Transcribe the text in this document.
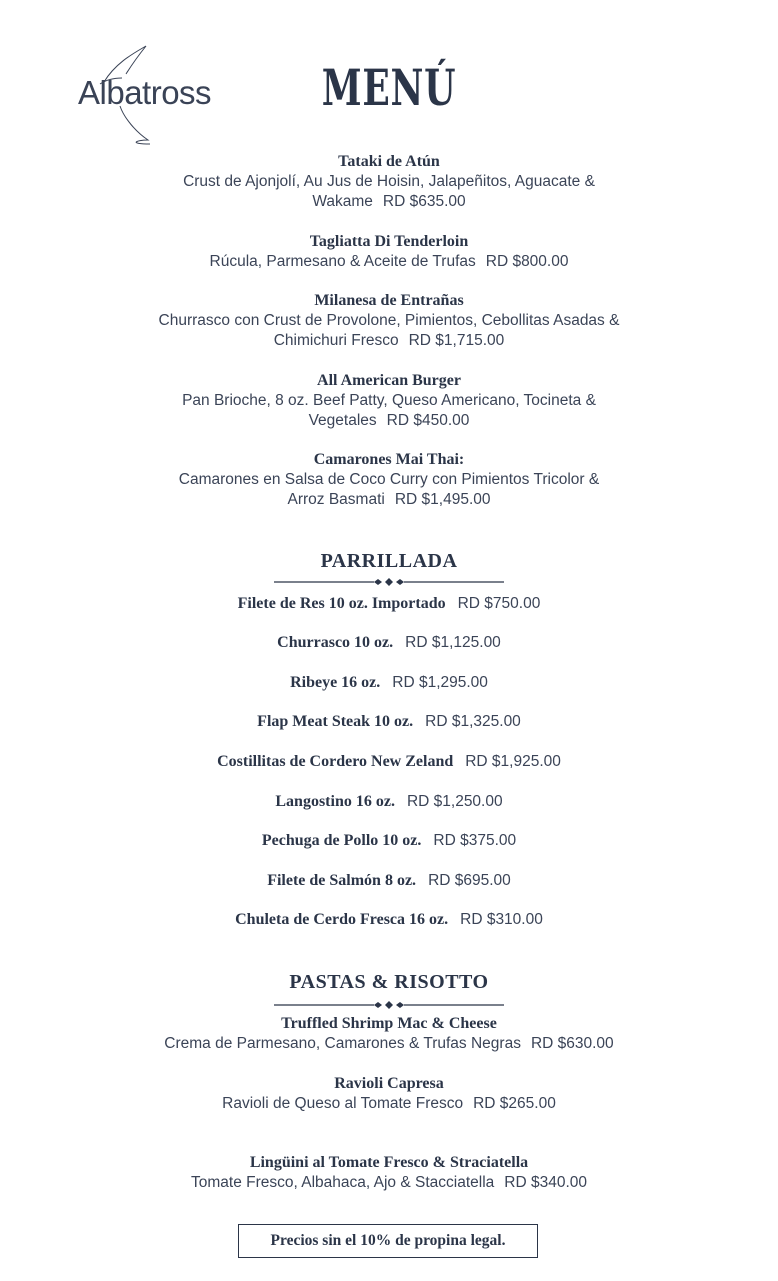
Albatross	MENÚ
Tataki de Atún
Crust de Ajonjolí, Au Jus de Hoisin, Jalapeñitos, Aguacate &
Wakame RD $635.00
Tagliatta Di Tenderloin
Rúcula, Parmesano & Aceite de Trufas RD $800.00
Milanesa de Entrañas
Churrasco con Crust de Provolone, Pimientos, Cebollitas Asadas &
Chimichuri Fresco RD $1,715.00
All American Burger
Pan Brioche, 8 oz. Beef Patty, Queso Americano, Tocineta &
Vegetales RD $450.00
Camarones Mai Thai:
Camarones en Salsa de Coco Curry con Pimientos Tricolor &
Arroz Basmati RD $1,495.00
PARRILLADA
Filete de Res 10 oz. Importado RD $750.00
Churrasco 10 oz. RD $1,125.00
Ribeye 16 oz. RD $1,295.00
Flap Meat Steak 10 oz. RD $1,325.00
Costillitas de Cordero New Zeland RD $1,925.00
Langostino 16 oz. RD $1,250.00
Pechuga de Pollo 10 oz. RD $375.00
Filete de Salmón 8 oz. RD $695.00
Chuleta de Cerdo Fresca 16 oz. RD $310.00
PASTAS & RISOTTO
Truffled Shrimp Mac & Cheese
Crema de Parmesano, Camarones & Trufas Negras RD $630.00
Ravioli Capresa
Ravioli de Queso al Tomate Fresco RD $265.00
Lingüini al Tomate Fresco & Straciatella
Tomate Fresco, Albahaca, Ajo & Stacciatella RD $340.00
Precios sin el 10% de propina legal.
